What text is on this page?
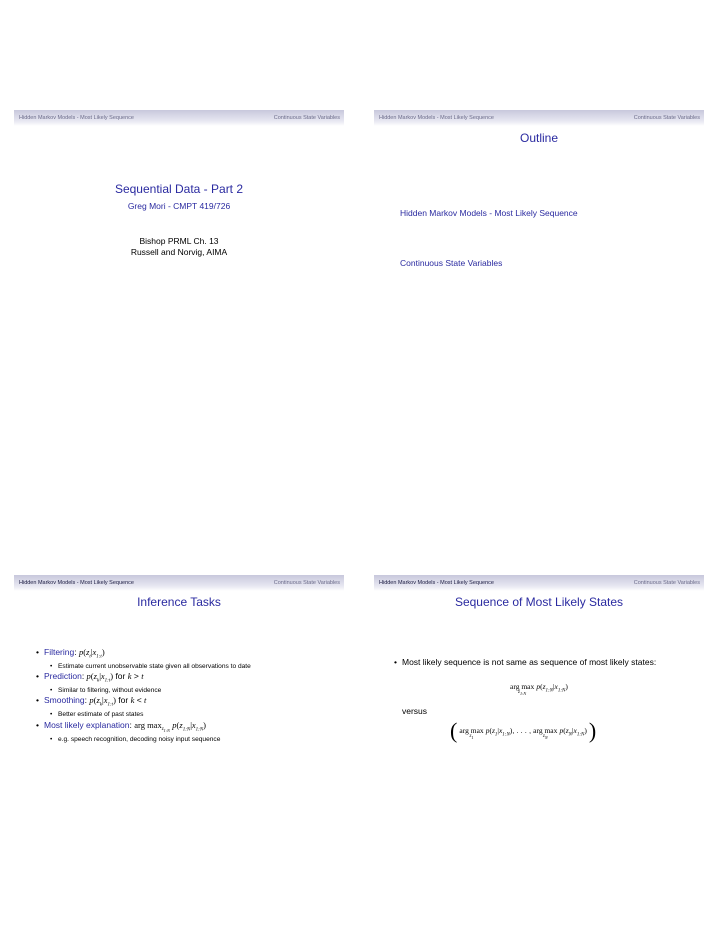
Hidden Markov Models - Most Likely Sequence	Continuous State Variables
Sequential Data - Part 2
Greg Mori - CMPT 419/726
Bishop PRML Ch. 13
Russell and Norvig, AIMA
Hidden Markov Models - Most Likely Sequence	Continuous State Variables
Outline
Hidden Markov Models - Most Likely Sequence
Continuous State Variables
Hidden Markov Models - Most Likely Sequence	Continuous State Variables
Inference Tasks
• Filtering: $p(z_t|x_{1:t})$
• Estimate current unobservable state given all observations to date
• Prediction: $p(z_k|x_{1:t})$ for k > t
• Similar to filtering, without evidence
• Smoothing: $p(z_k|x_{1:t})$ for k < t
• Better estimate of past states
• Most likely explanation: arg $\max_{z_{1:N}} p(z_{1:N}|x_{1:N})$
• e.g. speech recognition, decoding noisy input sequence
Hidden Markov Models - Most Likely Sequence	Continuous State Variables
Sequence of Most Likely States
• Most likely sequence is not same as sequence of most likely states:
arg max
$z_{1:N}$
$p(z_{1:N}|x_{1:N})$
versus
( arg max
$z_1$
$p(z_1|x_{1:N})$, . . . , arg max
$z_N$
$p(z_N|x_{1:N})$ )
